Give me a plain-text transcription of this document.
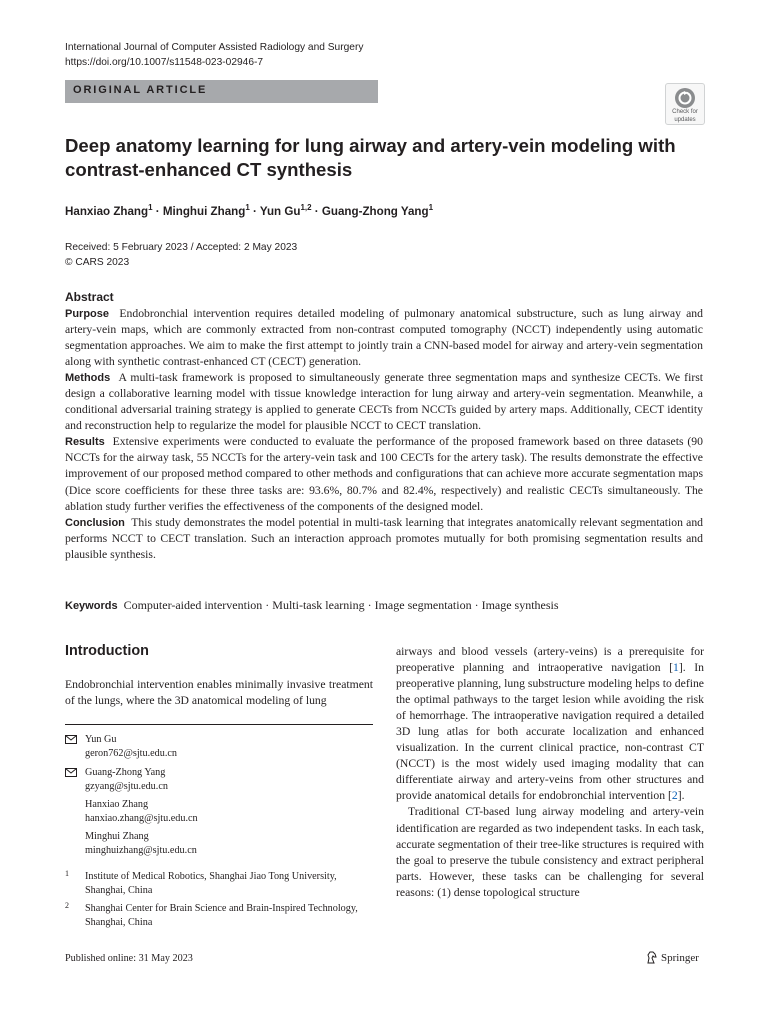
International Journal of Computer Assisted Radiology and Surgery
https://doi.org/10.1007/s11548-023-02946-7
ORIGINAL ARTICLE
Check for
updates
Deep anatomy learning for lung airway and artery-vein modeling with
contrast-enhanced CT synthesis
Hanxiao Zhang$^1$ · Minghui Zhang$^1$ · Yun Gu$^{1,2}$ · Guang-Zhong Yang$^1$
Received: 5 February 2023 / Accepted: 2 May 2023
© CARS 2023
Abstract

Purpose Endobronchial intervention requires detailed modeling of pulmonary anatomical substructure, such as lung airway and artery-vein maps, which are commonly extracted from non-contrast computed tomography (NCCT) independently using automatic segmentation approaches. We aim to make the first attempt to jointly train a CNN-based model for airway and artery-vein segmentation along with synthetic contrast-enhanced CT (CECT) generation.

Methods A multi-task framework is proposed to simultaneously generate three segmentation maps and synthesize CECTs. We first design a collaborative learning model with tissue knowledge interaction for lung airway and artery-vein segmentation. Meanwhile, a conditional adversarial training strategy is applied to generate CECTs from NCCTs guided by artery maps. Additionally, CECT identity and reconstruction help to regularize the model for plausible NCCT to CECT translation.

Results Extensive experiments were conducted to evaluate the performance of the proposed framework based on three datasets (90 NCCTs for the airway task, 55 NCCTs for the artery-vein task and 100 CECTs for the artery task). The results demonstrate the effective improvement of our proposed method compared to other methods and configurations that can achieve more accurate segmentation maps (Dice score coefficients for these three tasks are: 93.6%, 80.7% and 82.4%, respectively) and realistic CECTs simultaneously. The ablation study further verifies the effectiveness of the components of the designed model.

Conclusion This study demonstrates the model potential in multi-task learning that integrates anatomically relevant segmentation and performs NCCT to CECT translation. Such an interaction approach promotes mutually for both promising segmentation results and plausible synthesis.

Keywords Computer-aided intervention · Multi-task learning · Image segmentation · Image synthesis
Introduction
Endobronchial intervention enables minimally invasive treatment of the lungs, where the 3D anatomical modeling of lung
Yun Gu
geron762@sjtu.edu.cn
Guang-Zhong Yang
gzyang@sjtu.edu.cn
Hanxiao Zhang
hanxiao.zhang@sjtu.edu.cn
Minghui Zhang
minghuizhang@sjtu.edu.cn
1 Institute of Medical Robotics, Shanghai Jiao Tong University, Shanghai, China
2 Shanghai Center for Brain Science and Brain-Inspired Technology, Shanghai, China
Published online: 31 May 2023	Springer

airways and blood vessels (artery-veins) is a prerequisite for preoperative planning and intraoperative navigation [1]. In preoperative planning, lung substructure modeling helps to define the optimal pathways to the target lesion while avoiding the risk of hemorrhage. The intraoperative navigation required a detailed 3D lung atlas for both accurate localization and enhanced visualization. In the current clinical practice, non-contrast CT (NCCT) is the most widely used imaging modality that can differentiate airway and artery-veins from other structures and provide anatomical details for endobronchial intervention [2].

Traditional CT-based lung airway modeling and artery-vein identification are regarded as two independent tasks. In each task, accurate segmentation of their tree-like structures is required with the goal to preserve the tubule consistency and extract peripheral parts. However, these tasks can be challenging for several reasons: (1) dense topological structure
